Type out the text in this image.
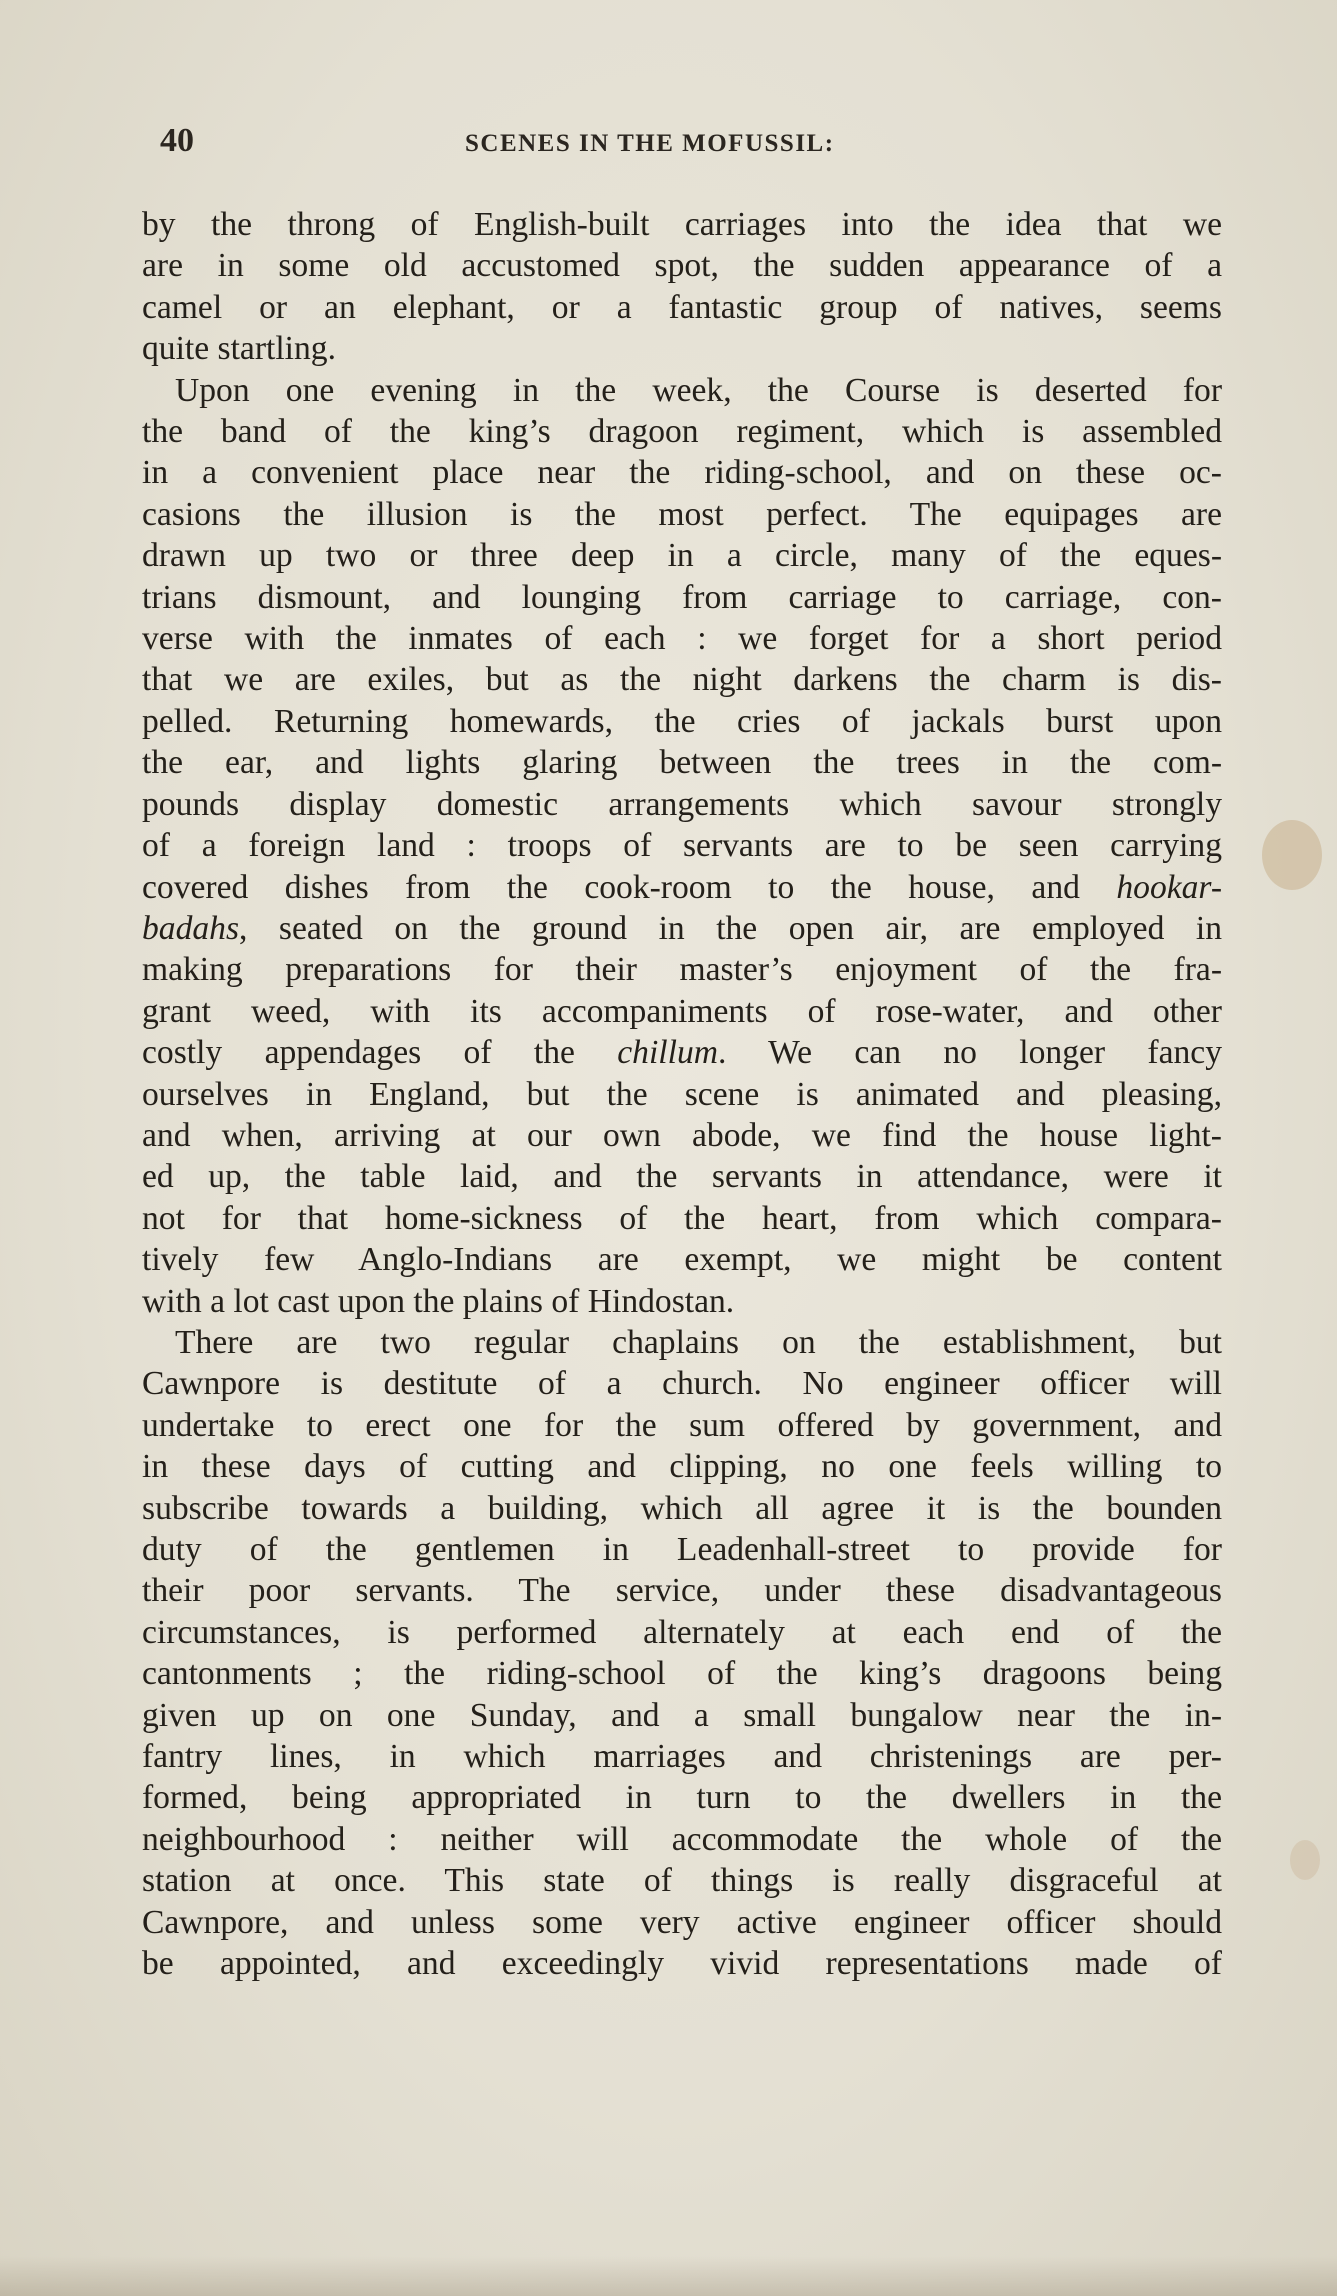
40	SCENES IN THE MOFUSSIL:
by the throng of English-built carriages into the idea that we
are in some old accustomed spot, the sudden appearance of a
camel or an elephant, or a fantastic group of natives, seems
quite startling.
Upon one evening in the week, the Course is deserted for
the band of the king’s dragoon regiment, which is assembled
in a convenient place near the riding-school, and on these oc-
casions the illusion is the most perfect. The equipages are
drawn up two or three deep in a circle, many of the eques-
trians dismount, and lounging from carriage to carriage, con-
verse with the inmates of each : we forget for a short period
that we are exiles, but as the night darkens the charm is dis-
pelled. Returning homewards, the cries of jackals burst upon
the ear, and lights glaring between the trees in the com-
pounds display domestic arrangements which savour strongly
of a foreign land : troops of servants are to be seen carrying
covered dishes from the cook-room to the house, and hookar-
badahs, seated on the ground in the open air, are employed in
making preparations for their master’s enjoyment of the fra-
grant weed, with its accompaniments of rose-water, and other
costly appendages of the chillum. We can no longer fancy
ourselves in England, but the scene is animated and pleasing,
and when, arriving at our own abode, we find the house light-
ed up, the table laid, and the servants in attendance, were it
not for that home-sickness of the heart, from which compara-
tively few Anglo-Indians are exempt, we might be content
with a lot cast upon the plains of Hindostan.
There are two regular chaplains on the establishment, but
Cawnpore is destitute of a church. No engineer officer will
undertake to erect one for the sum offered by government, and
in these days of cutting and clipping, no one feels willing to
subscribe towards a building, which all agree it is the bounden
duty of the gentlemen in Leadenhall-street to provide for
their poor servants. The service, under these disadvantageous
circumstances, is performed alternately at each end of the
cantonments ; the riding-school of the king’s dragoons being
given up on one Sunday, and a small bungalow near the in-
fantry lines, in which marriages and christenings are per-
formed, being appropriated in turn to the dwellers in the
neighbourhood : neither will accommodate the whole of the
station at once. This state of things is really disgraceful at
Cawnpore, and unless some very active engineer officer should
be appointed, and exceedingly vivid representations made of
